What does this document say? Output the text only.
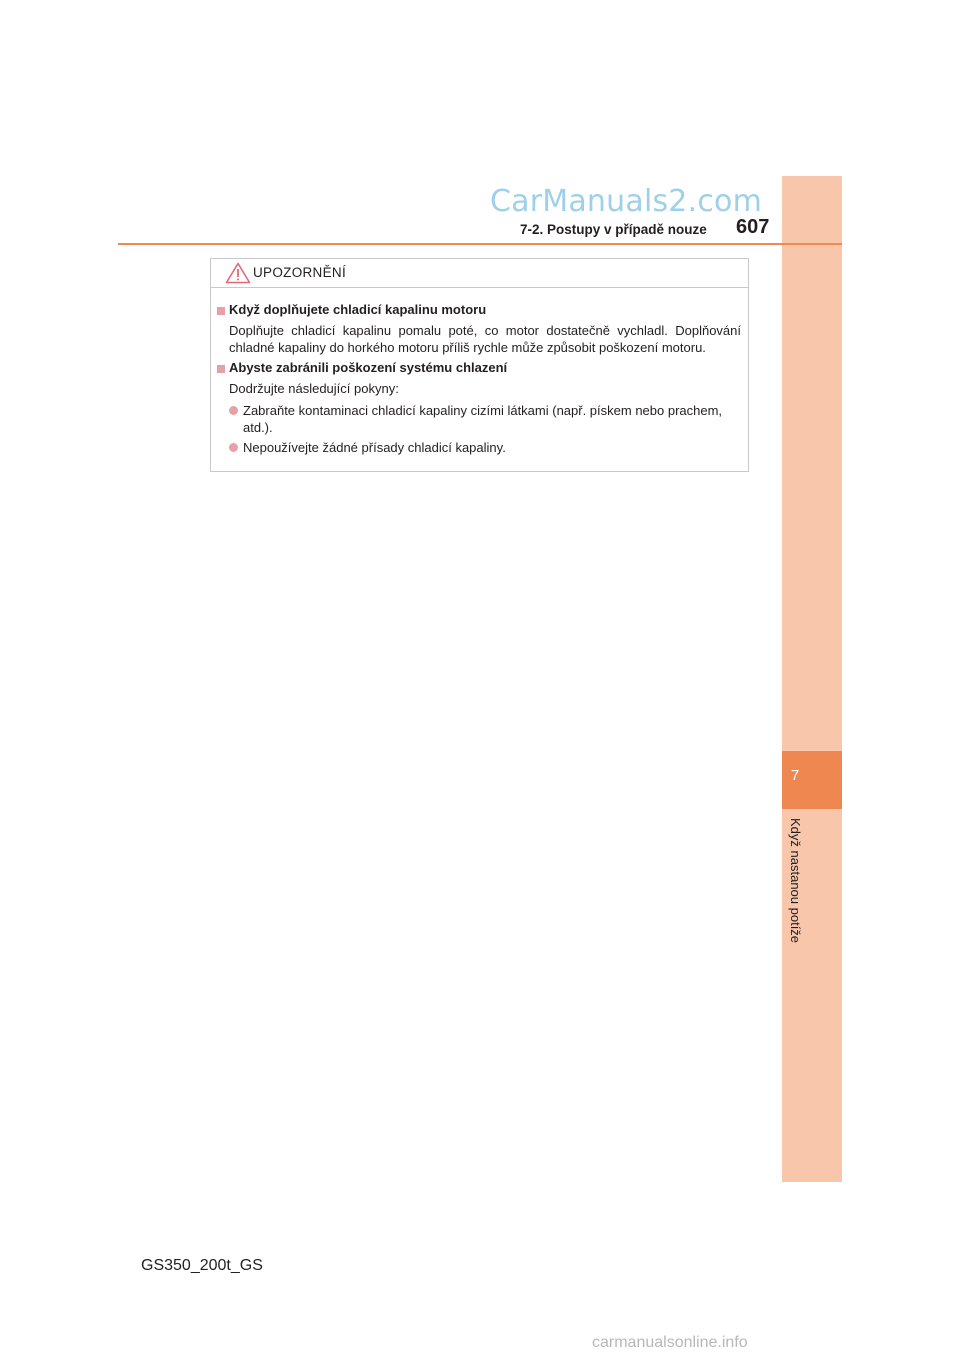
7
Když nastanou potíže
CarManuals2.com
7-2. Postupy v případě nouze 607
UPOZORNĚNÍ
Když doplňujete chladicí kapalinu motoru
Doplňujte chladicí kapalinu pomalu poté, co motor dostatečně vychladl. Doplňování chladné kapaliny do horkého motoru příliš rychle může způsobit poškození motoru.
Abyste zabránili poškození systému chlazení
Dodržujte následující pokyny:
Zabraňte kontaminaci chladicí kapaliny cizími látkami (např. pískem nebo prachem, atd.).
Nepoužívejte žádné přísady chladicí kapaliny.
GS350_200t_GS
carmanualsonline.info
